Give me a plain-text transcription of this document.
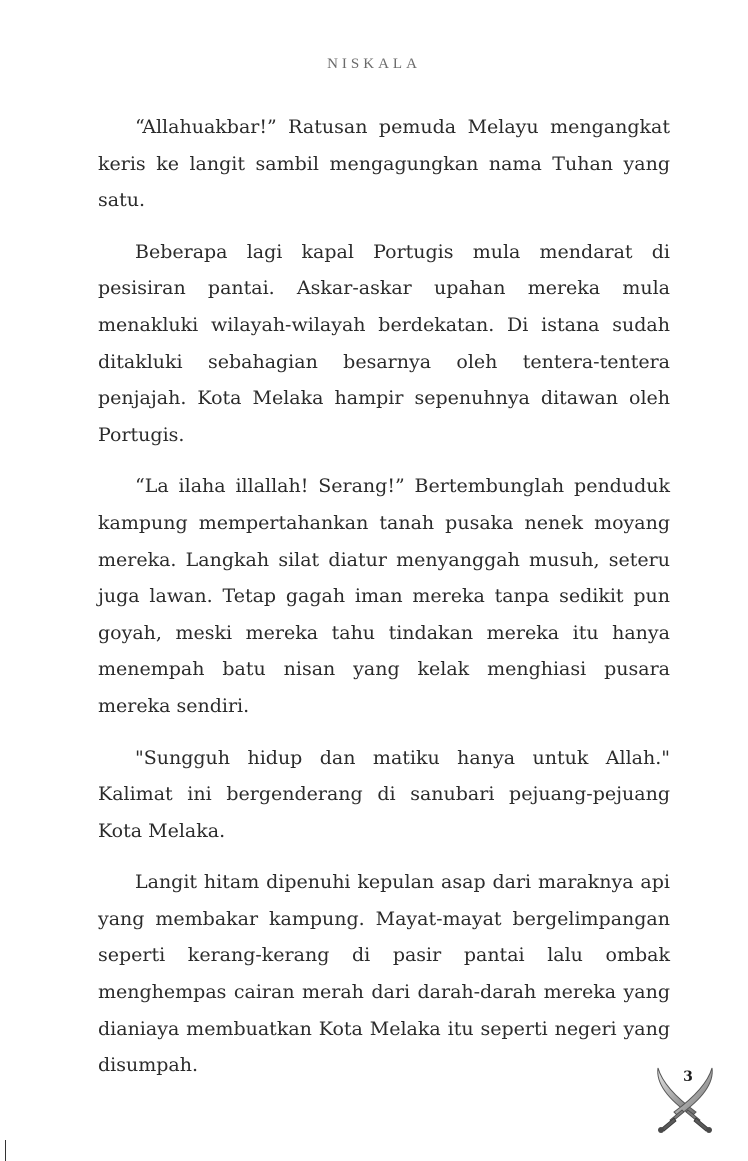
NISKALA

“Allahuakbar!” Ratusan pemuda Melayu mengangkat keris ke langit sambil mengagungkan nama Tuhan yang satu.

Beberapa lagi kapal Portugis mula mendarat di pesisiran pantai. Askar-askar upahan mereka mula menakluki wilayah-wilayah berdekatan. Di istana sudah ditakluki sebahagian besarnya oleh tentera-tentera penjajah. Kota Melaka hampir sepenuhnya ditawan oleh Portugis.

“La ilaha illallah! Serang!” Bertembunglah penduduk kampung mempertahankan tanah pusaka nenek moyang mereka. Langkah silat diatur menyanggah musuh, seteru juga lawan. Tetap gagah iman mereka tanpa sedikit pun goyah, meski mereka tahu tindakan mereka itu hanya menempah batu nisan yang kelak menghiasi pusara mereka sendiri.

"Sungguh hidup dan matiku hanya untuk Allah." Kalimat ini bergenderang di sanubari pejuang-pejuang Kota Melaka.

Langit hitam dipenuhi kepulan asap dari maraknya api yang membakar kampung. Mayat-mayat bergelimpangan seperti kerang-kerang di pasir pantai lalu ombak menghempas cairan merah dari darah-darah mereka yang dianiaya membuatkan Kota Melaka itu seperti negeri yang disumpah.

3
